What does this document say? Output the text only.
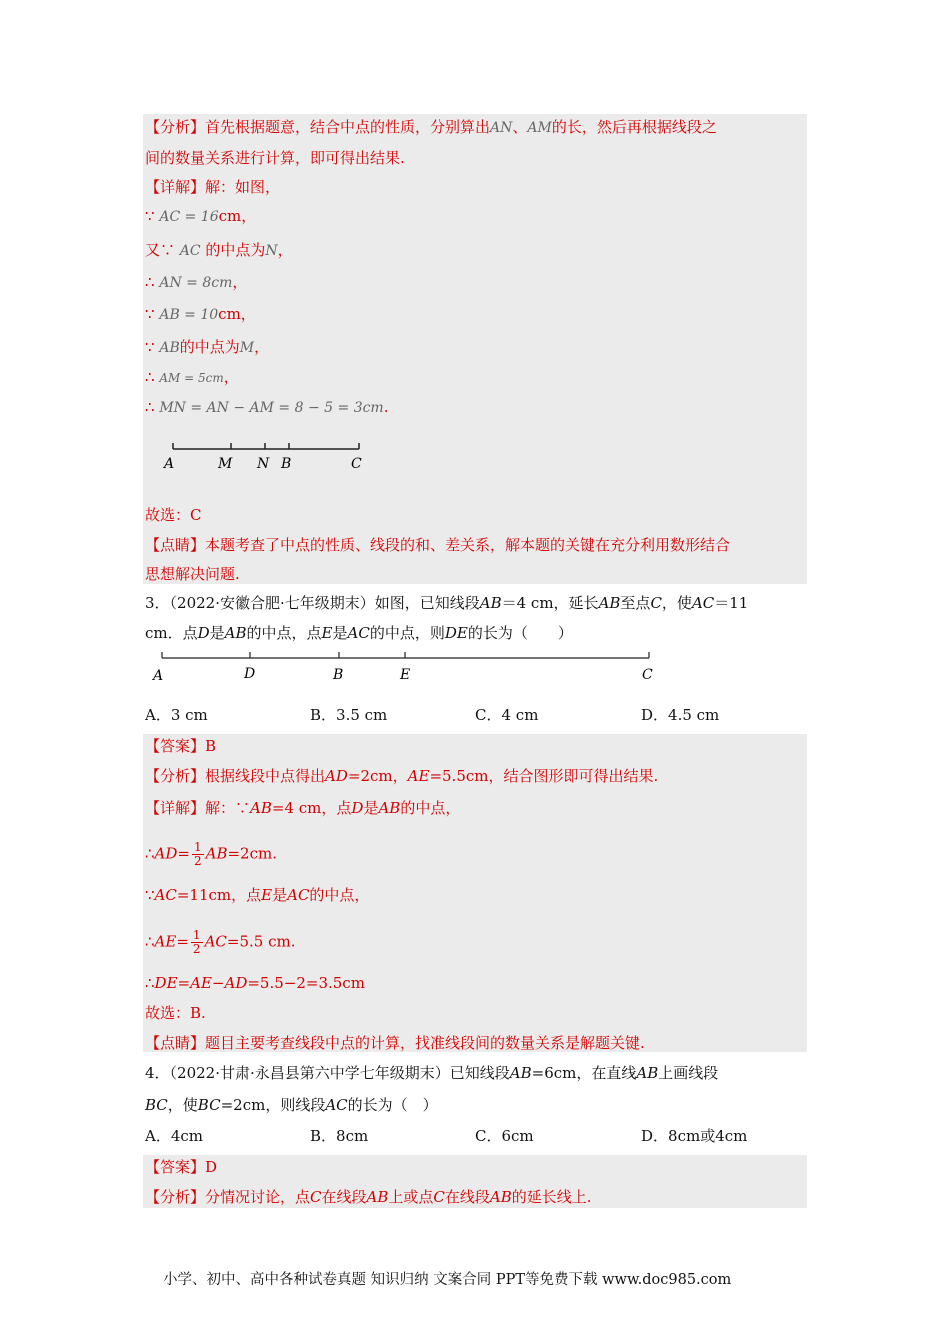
【分析】首先根据题意，结合中点的性质，分别算出AN、AM的长，然后再根据线段之
间的数量关系进行计算，即可得出结果.
【详解】解：如图，
∵ AC = 16cm，
又∵ AC 的中点为N，
∴ AN = 8cm，
∵ AB = 10cm，
∵ AB的中点为M，
∴ AM = 5cm，
∴ MN = AN − AM = 8 − 5 = 3cm.
A	M N B	C
故选：C
【点睛】本题考查了中点的性质、线段的和、差关系，解本题的关键在充分利用数形结合
思想解决问题.
3．（2022·安徽合肥·七年级期末）如图，已知线段AB＝4 cm，延长AB至点C，使AC＝11
cm．点D是AB的中点，点E是AC的中点，则DE的长为（　　）
A	D	B	E	C
A．3 cm	B．3.5 cm	C．4 cm	D．4.5 cm
【答案】B
【分析】根据线段中点得出AD=2cm，AE=5.5cm，结合图形即可得出结果.
【详解】解：∵AB=4 cm，点D是AB的中点，
∴AD= $\frac{1}{2} AB=2cm$.
∵AC=11cm，点E是AC的中点，
∴AE= $\frac{1}{2} AC=5.5$ cm.
∴DE=AE−AD=5.5−2=3.5cm
故选：B.
【点睛】题目主要考查线段中点的计算，找准线段间的数量关系是解题关键.
4．（2022·甘肃·永昌县第六中学七年级期末）已知线段AB=6cm，在直线AB上画线段
BC，使BC=2cm，则线段AC的长为（　）
A．4cm	B．8cm	C．6cm	D．8cm或4cm
【答案】D
【分析】分情况讨论，点C在线段AB上或点C在线段AB的延长线上.
小学、初中、高中各种试卷真题 知识归纳 文案合同 PPT等免费下载 www.doc985.com
